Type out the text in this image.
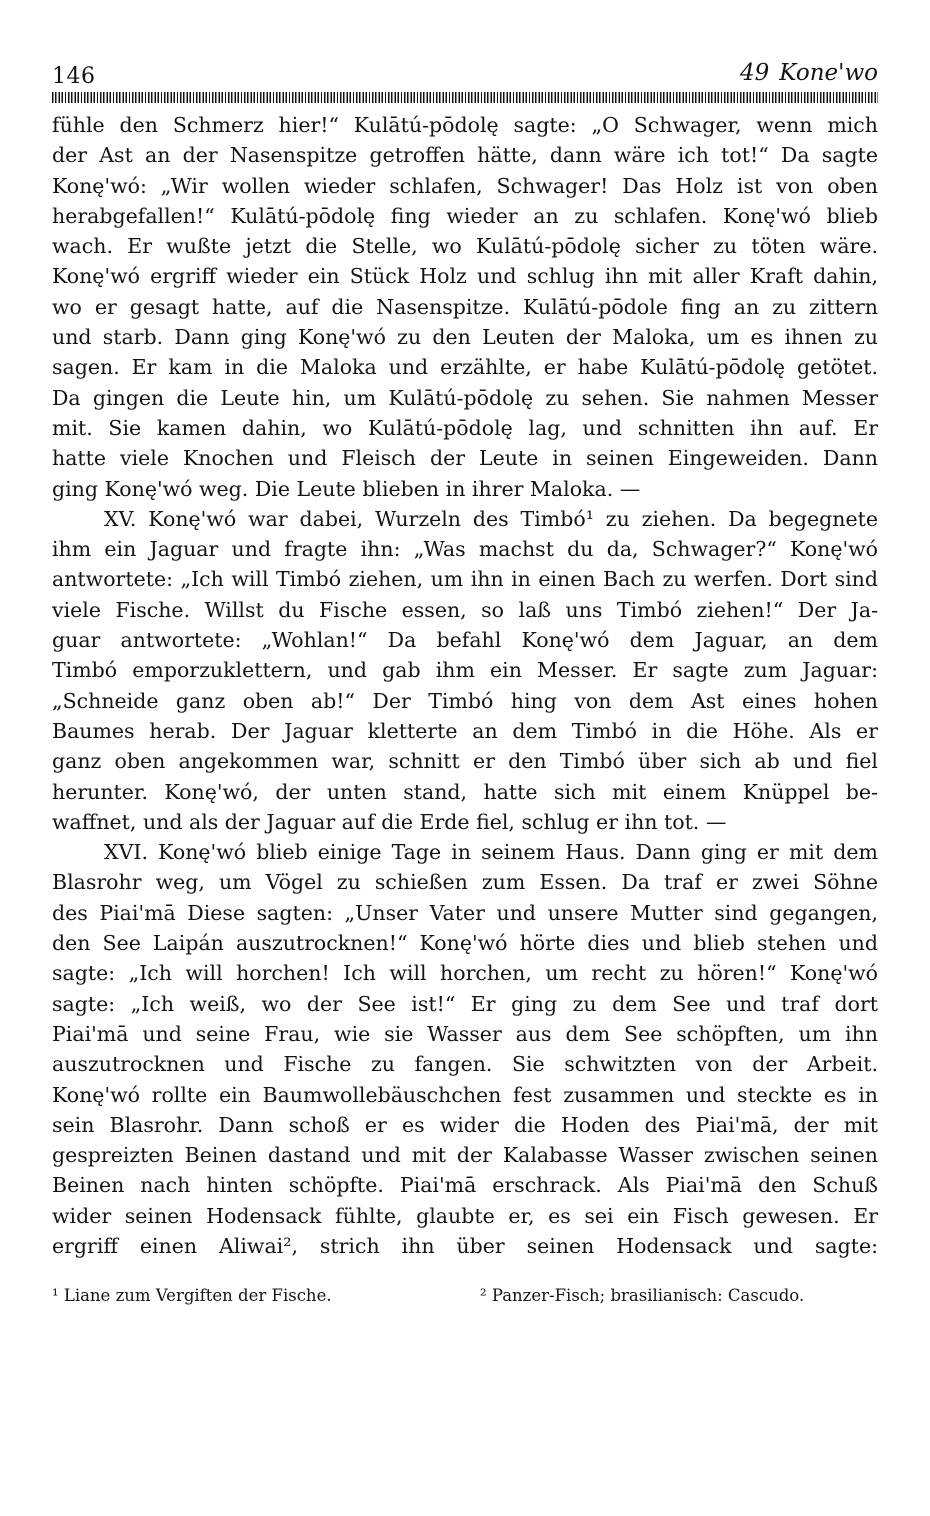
146	49 Kone'wo
fühle den Schmerz hier!“ Kulātú-pōdolę sagte: „O Schwager, wenn mich
der Ast an der Nasenspitze getroffen hätte, dann wäre ich tot!“ Da sagte
Konę'wó: „Wir wollen wieder schlafen, Schwager! Das Holz ist von oben
herabgefallen!“ Kulātú-pōdolę fing wieder an zu schlafen. Konę'wó blieb
wach. Er wußte jetzt die Stelle, wo Kulātú-pōdolę sicher zu töten wäre.
Konę'wó ergriff wieder ein Stück Holz und schlug ihn mit aller Kraft dahin,
wo er gesagt hatte, auf die Nasenspitze. Kulātú-pōdole fing an zu zittern
und starb. Dann ging Konę'wó zu den Leuten der Maloka, um es ihnen zu
sagen. Er kam in die Maloka und erzählte, er habe Kulātú-pōdolę getötet.
Da gingen die Leute hin, um Kulātú-pōdolę zu sehen. Sie nahmen Messer
mit. Sie kamen dahin, wo Kulātú-pōdolę lag, und schnitten ihn auf. Er
hatte viele Knochen und Fleisch der Leute in seinen Eingeweiden. Dann
ging Konę'wó weg. Die Leute blieben in ihrer Maloka. —
XV. Konę'wó war dabei, Wurzeln des Timbó¹ zu ziehen. Da begegnete
ihm ein Jaguar und fragte ihn: „Was machst du da, Schwager?“ Konę'wó
antwortete: „Ich will Timbó ziehen, um ihn in einen Bach zu werfen. Dort sind
viele Fische. Willst du Fische essen, so laß uns Timbó ziehen!“ Der Ja-
guar antwortete: „Wohlan!“ Da befahl Konę'wó dem Jaguar, an dem
Timbó emporzuklettern, und gab ihm ein Messer. Er sagte zum Jaguar:
„Schneide ganz oben ab!“ Der Timbó hing von dem Ast eines hohen
Baumes herab. Der Jaguar kletterte an dem Timbó in die Höhe. Als er
ganz oben angekommen war, schnitt er den Timbó über sich ab und fiel
herunter. Konę'wó, der unten stand, hatte sich mit einem Knüppel be-
waffnet, und als der Jaguar auf die Erde fiel, schlug er ihn tot. —
XVI. Konę'wó blieb einige Tage in seinem Haus. Dann ging er mit dem
Blasrohr weg, um Vögel zu schießen zum Essen. Da traf er zwei Söhne
des Piai'mā Diese sagten: „Unser Vater und unsere Mutter sind gegangen,
den See Laipán auszutrocknen!“ Konę'wó hörte dies und blieb stehen und
sagte: „Ich will horchen! Ich will horchen, um recht zu hören!“ Konę'wó
sagte: „Ich weiß, wo der See ist!“ Er ging zu dem See und traf dort
Piai'mā und seine Frau, wie sie Wasser aus dem See schöpften, um ihn
auszutrocknen und Fische zu fangen. Sie schwitzten von der Arbeit.
Konę'wó rollte ein Baumwollebäuschchen fest zusammen und steckte es in
sein Blasrohr. Dann schoß er es wider die Hoden des Piai'mā, der mit
gespreizten Beinen dastand und mit der Kalabasse Wasser zwischen seinen
Beinen nach hinten schöpfte. Piai'mā erschrack. Als Piai'mā den Schuß
wider seinen Hodensack fühlte, glaubte er, es sei ein Fisch gewesen. Er
ergriff einen Aliwai², strich ihn über seinen Hodensack und sagte:
¹ Liane zum Vergiften der Fische.	² Panzer-Fisch; brasilianisch: Cascudo.
